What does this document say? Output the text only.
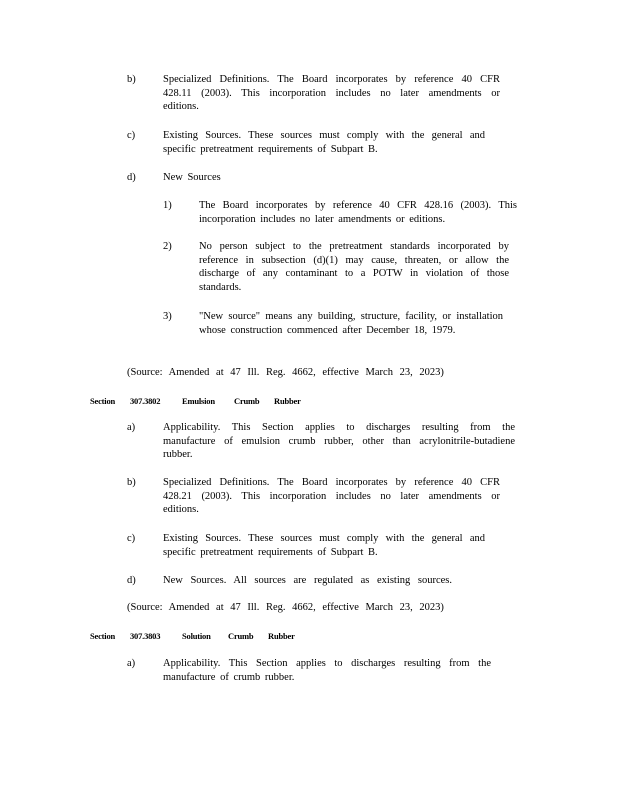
b)	Specialized Definitions. The Board incorporates by reference 40 CFR 428.11 (2003). This incorporation includes no later amendments or editions.
c)	Existing Sources. These sources must comply with the general and specific pretreatment requirements of Subpart B.
d)	New Sources
1)	The Board incorporates by reference 40 CFR 428.16 (2003). This incorporation includes no later amendments or editions.
2)	No person subject to the pretreatment standards incorporated by reference in subsection (d)(1) may cause, threaten, or allow the discharge of any contaminant to a POTW in violation of those standards.
3)	"New source" means any building, structure, facility, or installation whose construction commenced after December 18, 1979.
(Source: Amended at 47 Ill. Reg. 4662, effective March 23, 2023)
Section 307.3802	Emulsion Crumb Rubber
a)	Applicability. This Section applies to discharges resulting from the manufacture of emulsion crumb rubber, other than acrylonitrile-butadiene rubber.
b)	Specialized Definitions. The Board incorporates by reference 40 CFR 428.21 (2003). This incorporation includes no later amendments or editions.
c)	Existing Sources. These sources must comply with the general and specific pretreatment requirements of Subpart B.
d)	New Sources. All sources are regulated as existing sources.
(Source: Amended at 47 Ill. Reg. 4662, effective March 23, 2023)
Section 307.3803	Solution Crumb Rubber
a)	Applicability. This Section applies to discharges resulting from the manufacture of crumb rubber.
